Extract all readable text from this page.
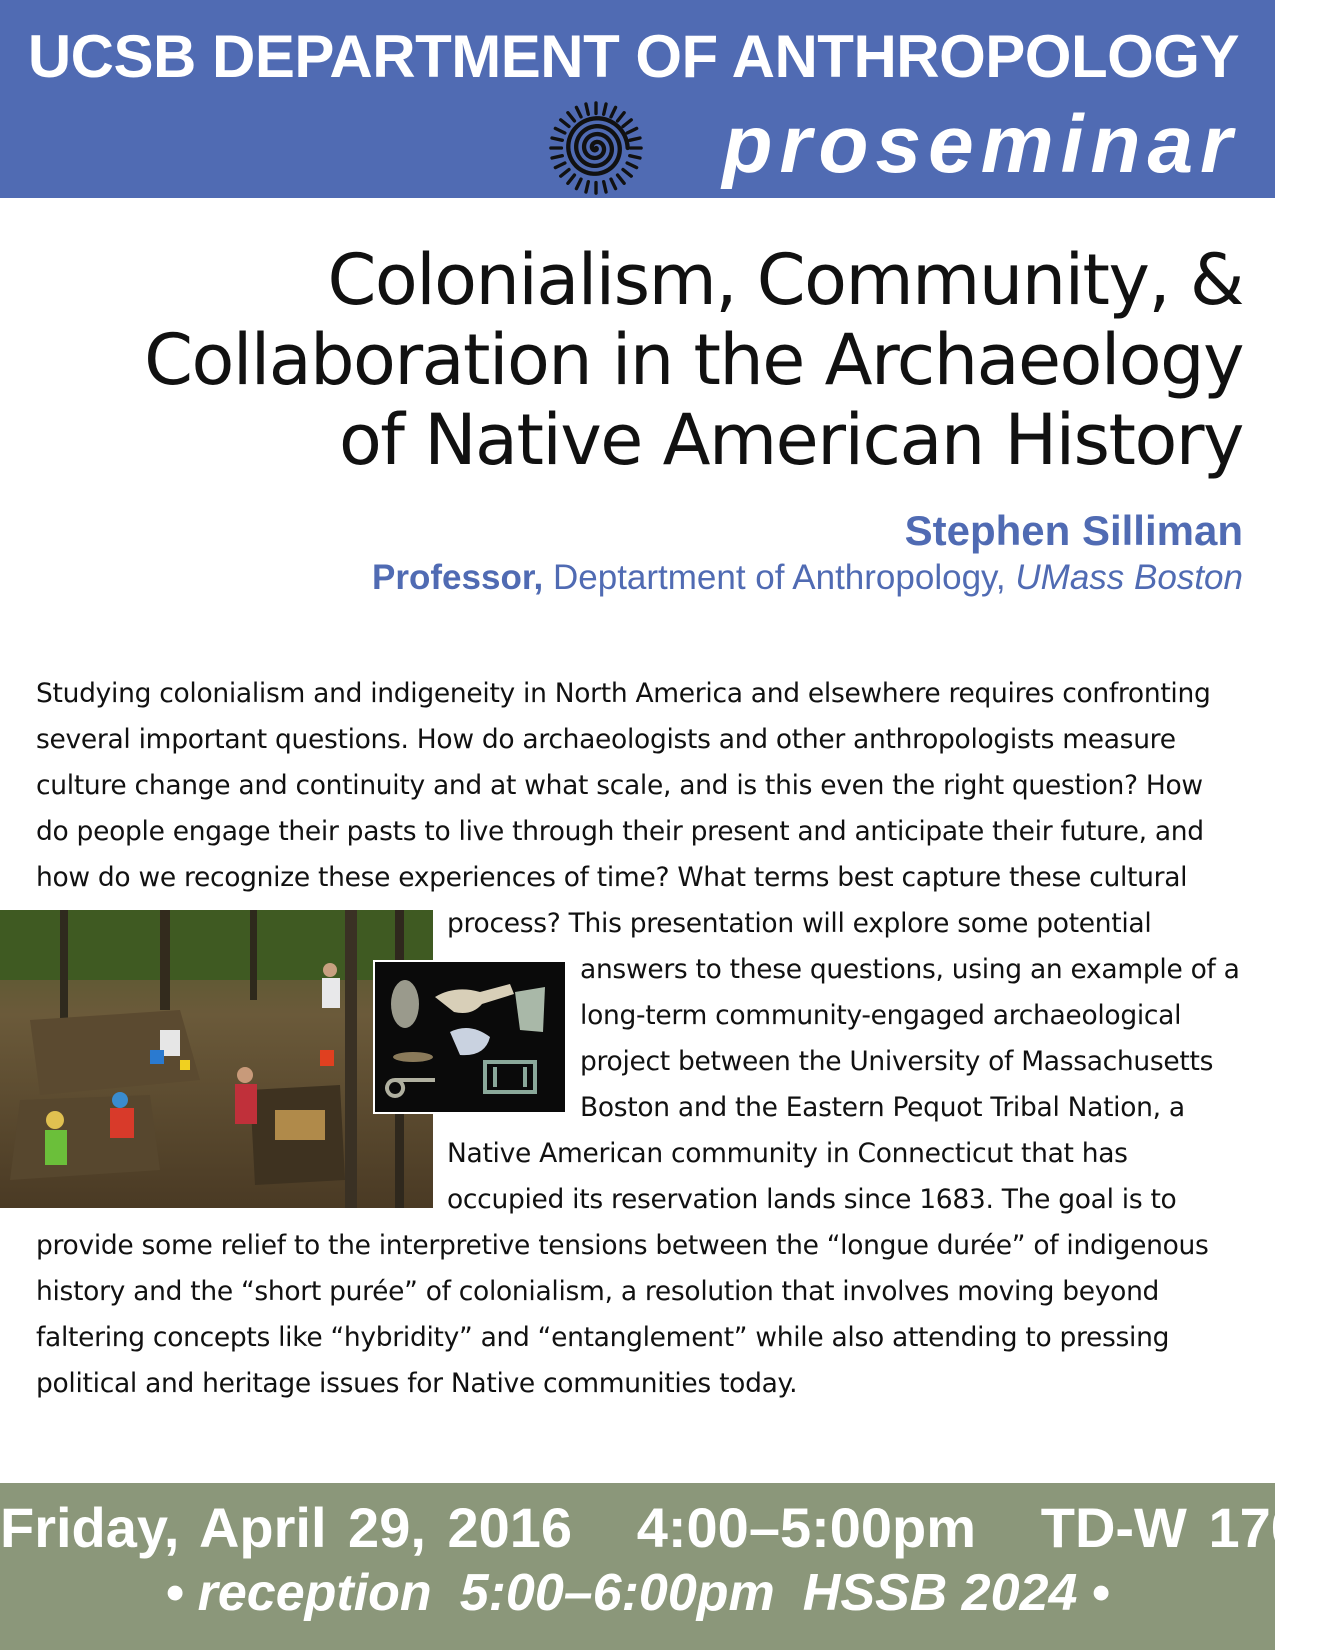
UCSB DEPARTMENT OF ANTHROPOLOGY
proseminar
Colonialism, Community, &
Collaboration in the Archaeology
of Native American History
Stephen Silliman
Professor, Deptartment of Anthropology, UMass Boston
Studying colonialism and indigeneity in North America and elsewhere requires confronting
several important questions. How do archaeologists and other anthropologists measure
culture change and continuity and at what scale, and is this even the right question? How
do people engage their pasts to live through their present and anticipate their future, and
how do we recognize these experiences of time? What terms best capture these cultural
process? This presentation will explore some potential
answers to these questions, using an example of a
long-term community-engaged archaeological
project between the University of Massachusetts
Boston and the Eastern Pequot Tribal Nation, a
Native American community in Connecticut that has
occupied its reservation lands since 1683. The goal is to
provide some relief to the interpretive tensions between the “longue durée” of indigenous
history and the “short purée” of colonialism, a resolution that involves moving beyond
faltering concepts like “hybridity” and “entanglement” while also attending to pressing
political and heritage issues for Native communities today.
Friday, April 29, 2016 4:00–5:00pm TD-W 1701
• reception 5:00–6:00pm HSSB 2024 •
